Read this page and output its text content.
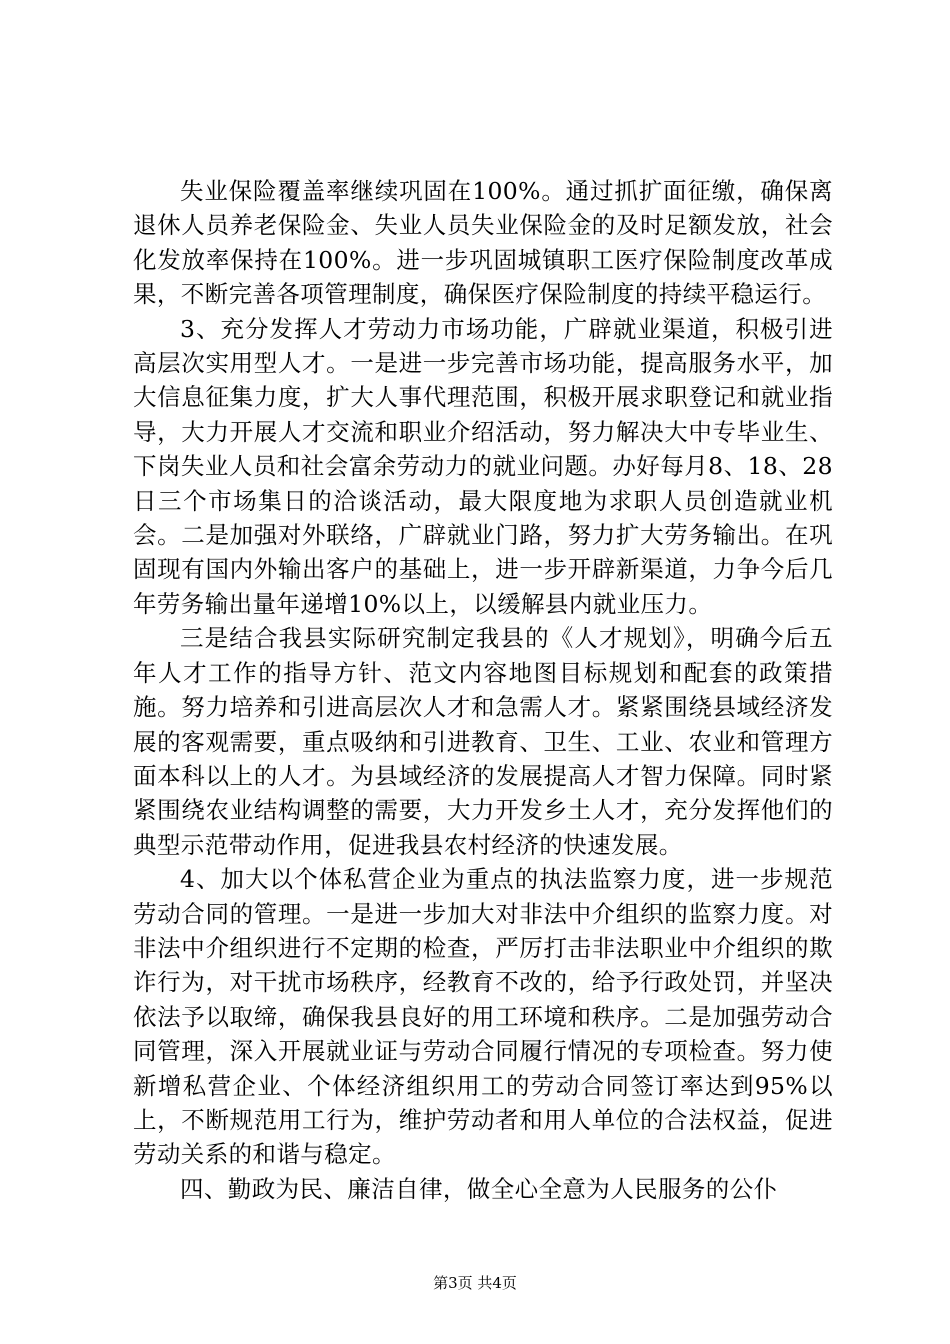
失业保险覆盖率继续巩固在100%。通过抓扩面征缴，确保离退休人员养老保险金、失业人员失业保险金的及时足额发放，社会化发放率保持在100%。进一步巩固城镇职工医疗保险制度改革成果，不断完善各项管理制度，确保医疗保险制度的持续平稳运行。

3、充分发挥人才劳动力市场功能，广辟就业渠道，积极引进高层次实用型人才。一是进一步完善市场功能，提高服务水平，加大信息征集力度，扩大人事代理范围，积极开展求职登记和就业指导，大力开展人才交流和职业介绍活动，努力解决大中专毕业生、下岗失业人员和社会富余劳动力的就业问题。办好每月8、18、28日三个市场集日的洽谈活动，最大限度地为求职人员创造就业机会。二是加强对外联络，广辟就业门路，努力扩大劳务输出。在巩固现有国内外输出客户的基础上，进一步开辟新渠道，力争今后几年劳务输出量年递增10%以上，以缓解县内就业压力。

三是结合我县实际研究制定我县的《人才规划》，明确今后五年人才工作的指导方针、范文内容地图目标规划和配套的政策措施。努力培养和引进高层次人才和急需人才。紧紧围绕县域经济发展的客观需要，重点吸纳和引进教育、卫生、工业、农业和管理方面本科以上的人才。为县域经济的发展提高人才智力保障。同时紧紧围绕农业结构调整的需要，大力开发乡土人才，充分发挥他们的典型示范带动作用，促进我县农村经济的快速发展。

4、加大以个体私营企业为重点的执法监察力度，进一步规范劳动合同的管理。一是进一步加大对非法中介组织的监察力度。对非法中介组织进行不定期的检查，严厉打击非法职业中介组织的欺诈行为，对干扰市场秩序，经教育不改的，给予行政处罚，并坚决依法予以取缔，确保我县良好的用工环境和秩序。二是加强劳动合同管理，深入开展就业证与劳动合同履行情况的专项检查。努力使新增私营企业、个体经济组织用工的劳动合同签订率达到95%以上，不断规范用工行为，维护劳动者和用人单位的合法权益，促进劳动关系的和谐与稳定。

四、勤政为民、廉洁自律，做全心全意为人民服务的公仆

第3页 共4页
